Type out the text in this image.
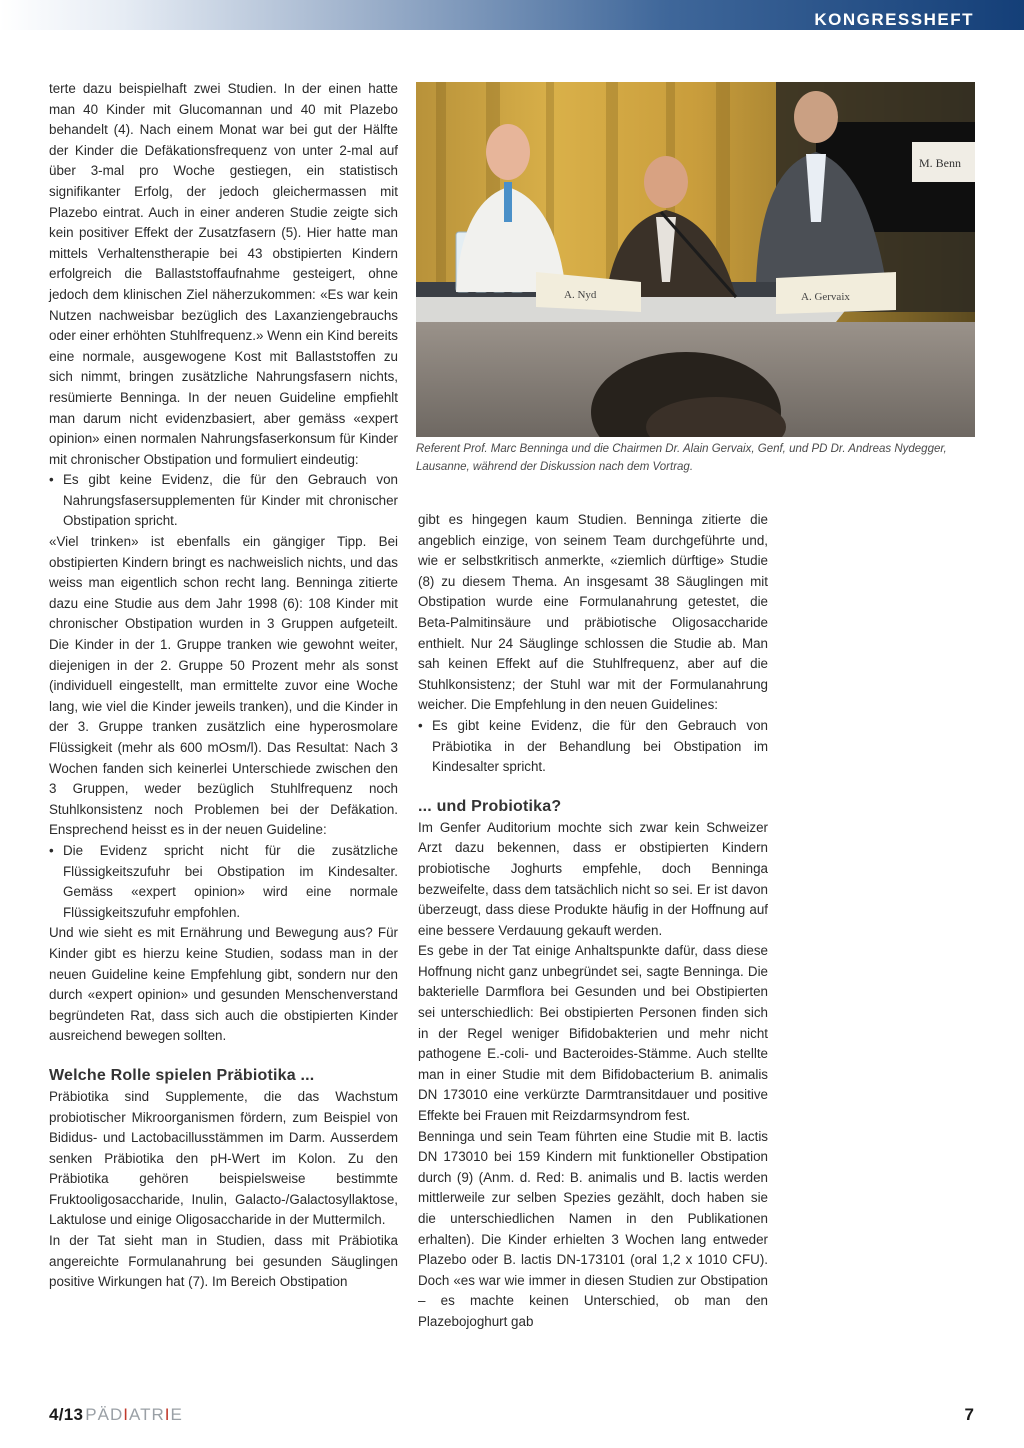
KONGRESSHEFT

terte dazu beispielhaft zwei Studien. In der einen hatte man 40 Kinder mit Glucomannan und 40 mit Plazebo behandelt (4). Nach einem Monat war bei gut der Hälfte der Kinder die Defäkationsfrequenz von unter 2-mal auf über 3-mal pro Woche gestiegen, ein statistisch signifikanter Erfolg, der jedoch gleichermassen mit Plazebo eintrat. Auch in einer anderen Studie zeigte sich kein positiver Effekt der Zusatzfasern (5). Hier hatte man mittels Verhaltenstherapie bei 43 obstipierten Kindern erfolgreich die Ballaststoffaufnahme gesteigert, ohne jedoch dem klinischen Ziel näherzukommen: «Es war kein Nutzen nachweisbar bezüglich des Laxanziengebrauchs oder einer erhöhten Stuhlfrequenz.» Wenn ein Kind bereits eine normale, ausgewogene Kost mit Ballaststoffen zu sich nimmt, bringen zusätzliche Nahrungsfasern nichts, resümierte Benninga. In der neuen Guideline empfiehlt man darum nicht evidenzbasiert, aber gemäss «expert opinion» einen normalen Nahrungsfaserkonsum für Kinder mit chronischer Obstipation und formuliert eindeutig:

• Es gibt keine Evidenz, die für den Gebrauch von Nahrungsfasersupplementen für Kinder mit chronischer Obstipation spricht.

«Viel trinken» ist ebenfalls ein gängiger Tipp. Bei obstipierten Kindern bringt es nachweislich nichts, und das weiss man eigentlich schon recht lang. Benninga zitierte dazu eine Studie aus dem Jahr 1998 (6): 108 Kinder mit chronischer Obstipation wurden in 3 Gruppen aufgeteilt. Die Kinder in der 1. Gruppe tranken wie gewohnt weiter, diejenigen in der 2. Gruppe 50 Prozent mehr als sonst (individuell eingestellt, man ermittelte zuvor eine Woche lang, wie viel die Kinder jeweils tranken), und die Kinder in der 3. Gruppe tranken zusätzlich eine hyperosmolare Flüssigkeit (mehr als 600 mOsm/l). Das Resultat: Nach 3 Wochen fanden sich keinerlei Unterschiede zwischen den 3 Gruppen, weder bezüglich Stuhlfrequenz noch Stuhlkonsistenz noch Problemen bei der Defäkation. Ensprechend heisst es in der neuen Guideline:

• Die Evidenz spricht nicht für die zusätzliche Flüssigkeitszufuhr bei Obstipation im Kindesalter. Gemäss «expert opinion» wird eine normale Flüssigkeitszufuhr empfohlen.

Und wie sieht es mit Ernährung und Bewegung aus? Für Kinder gibt es hierzu keine Studien, sodass man in der neuen Guideline keine Empfehlung gibt, sondern nur den durch «expert opinion» und gesunden Menschenverstand begründeten Rat, dass sich auch die obstipierten Kinder ausreichend bewegen sollten.

Welche Rolle spielen Präbiotika ...

Präbiotika sind Supplemente, die das Wachstum probiotischer Mikroorganismen fördern, zum Beispiel von Bididus- und Lactobacillusstämmen im Darm. Ausserdem senken Präbiotika den pH-Wert im Kolon. Zu den Präbiotika gehören beispielsweise bestimmte Fruktooligosaccharide, Inulin, Galacto-/Galactosyllaktose, Laktulose und einige Oligosaccharide in der Muttermilch.

In der Tat sieht man in Studien, dass mit Präbiotika angereichte Formulanahrung bei gesunden Säuglingen positive Wirkungen hat (7). Im Bereich Obstipation

M. Benn
A. Nyd	A. Gervaix
Referent Prof. Marc Benninga und die Chairmen Dr. Alain Gervaix, Genf, und PD Dr. Andreas Nydegger, Lausanne, während der Diskussion nach dem Vortrag.

gibt es hingegen kaum Studien. Benninga zitierte die angeblich einzige, von seinem Team durchgeführte und, wie er selbstkritisch anmerkte, «ziemlich dürftige» Studie (8) zu diesem Thema. An insgesamt 38 Säuglingen mit Obstipation wurde eine Formulanahrung getestet, die Beta-Palmitinsäure und präbiotische Oligosaccharide enthielt. Nur 24 Säuglinge schlossen die Studie ab. Man sah keinen Effekt auf die Stuhlfrequenz, aber auf die Stuhlkonsistenz; der Stuhl war mit der Formulanahrung weicher. Die Empfehlung in den neuen Guidelines:

• Es gibt keine Evidenz, die für den Gebrauch von Präbiotika in der Behandlung bei Obstipation im Kindesalter spricht.
... und Probiotika?

Im Genfer Auditorium mochte sich zwar kein Schweizer Arzt dazu bekennen, dass er obstipierten Kindern probiotische Joghurts empfehle, doch Benninga bezweifelte, dass dem tatsächlich nicht so sei. Er ist davon überzeugt, dass diese Produkte häufig in der Hoffnung auf eine bessere Verdauung gekauft werden.

Es gebe in der Tat einige Anhaltspunkte dafür, dass diese Hoffnung nicht ganz unbegründet sei, sagte Benninga. Die bakterielle Darmflora bei Gesunden und bei Obstipierten sei unterschiedlich: Bei obstipierten Personen finden sich in der Regel weniger Bifidobakterien und mehr nicht pathogene E.-coli- und Bacteroides-Stämme. Auch stellte man in einer Studie mit dem Bifidobacterium B. animalis DN 173010 eine verkürzte Darmtransitdauer und positive Effekte bei Frauen mit Reizdarmsyndrom fest.

Benninga und sein Team führten eine Studie mit B. lactis DN 173010 bei 159 Kindern mit funktioneller Obstipation durch (9) (Anm. d. Red: B. animalis und B. lactis werden mittlerweile zur selben Spezies gezählt, doch haben sie die unterschiedlichen Namen in den Publikationen erhalten). Die Kinder erhielten 3 Wochen lang entweder Plazebo oder B. lactis DN-173101 (oral 1,2 x 1010 CFU). Doch «es war wie immer in diesen Studien zur Obstipation – es machte keinen Unterschied, ob man den Plazebojoghurt gab

4/13 PÄDIATRIE	7
